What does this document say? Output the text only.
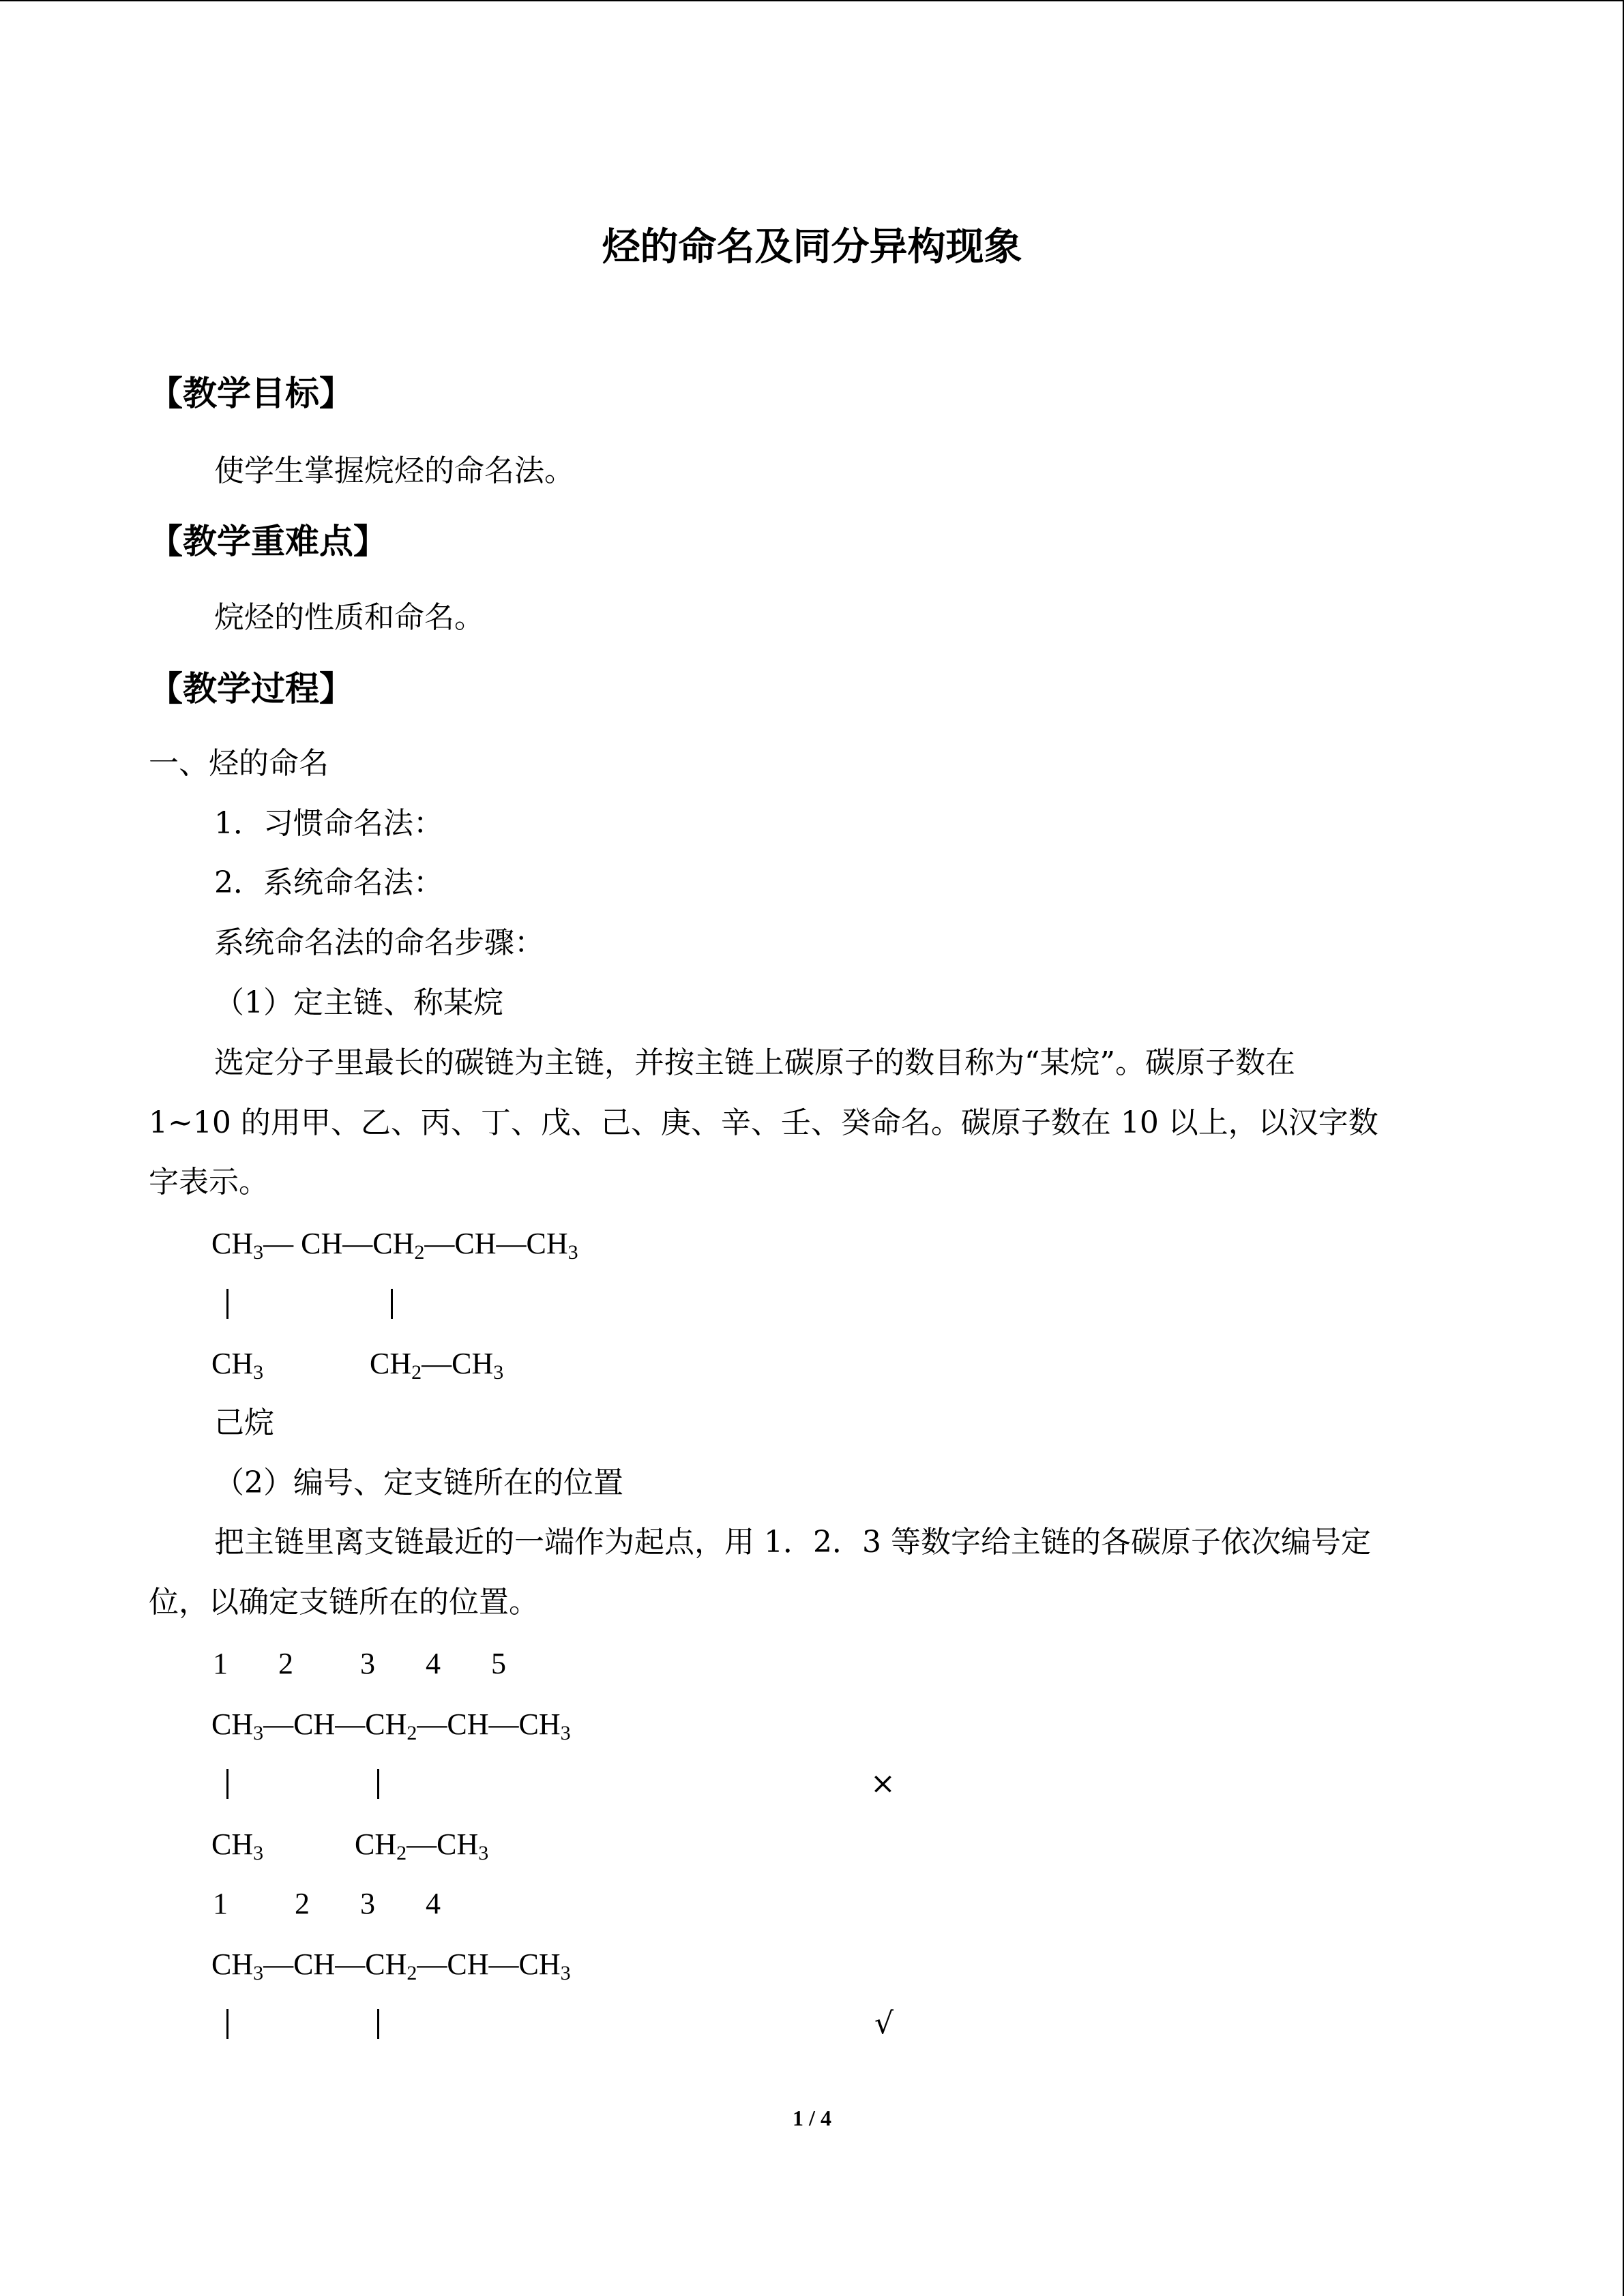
烃的命名及同分异构现象
【教学目标】
使学生掌握烷烃的命名法。
【教学重难点】
烷烃的性质和命名。
【教学过程】
一、烃的命名
1．习惯命名法：
2．系统命名法：
系统命名法的命名步骤：
（1）定主链、称某烷
选定分子里最长的碳链为主链，并按主链上碳原子的数目称为“某烷”。碳原子数在
1~10 的用甲、乙、丙、丁、戊、己、庚、辛、壬、癸命名。碳原子数在 10 以上，以汉字数
字表示。
$CH_3—$ $CH—CH_2—CH—CH_3$
$CH_3$	$CH_2—CH_3$
己烷
（2）编号、定支链所在的位置
把主链里离支链最近的一端作为起点，用 1．2．3 等数字给主链的各碳原子依次编号定
位，以确定支链所在的位置。
1 2 3 4 5
$CH_3—CH—CH_2—CH—CH_3$
×
$CH_3$	$CH_2—CH_3$
1 2 3 4
$CH_3—CH—CH_2—CH—CH_3$
√
1 / 4
